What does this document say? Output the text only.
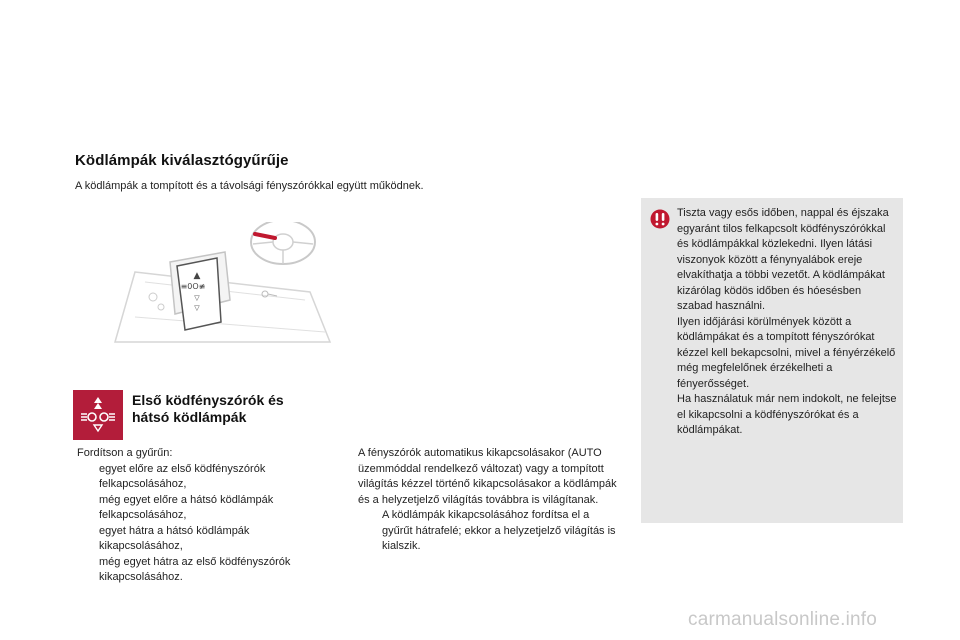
Ködlámpák kiválasztógyűrűje

A ködlámpák a tompított és a távolsági fényszórókkal együtt működnek.

▲
≡0O≢
▽
▽
Első ködfényszórók és
hátsó ködlámpák

Fordítson a gyűrűn:

egyet előre az első ködfényszórók felkapcsolásához,
még egyet előre a hátsó ködlámpák felkapcsolásához,
egyet hátra a hátsó ködlámpák kikapcsolásához,
még egyet hátra az első ködfényszórók kikapcsolásához.

A fényszórók automatikus kikapcsolásakor (AUTO üzemmóddal rendelkező változat) vagy a tompított világítás kézzel történő kikapcsolásakor a ködlámpák és a helyzetjelző világítás továbbra is világítanak.

A ködlámpák kikapcsolásához fordítsa el a gyűrűt hátrafelé; ekkor a helyzetjelző világítás is kialszik.

Tiszta vagy esős időben, nappal és éjszaka egyaránt tilos felkapcsolt ködfényszórókkal és ködlámpákkal közlekedni. Ilyen látási viszonyok között a fénynyalábok ereje elvakíthatja a többi vezetőt. A ködlámpákat kizárólag ködös időben és hóesésben szabad használni.

Ilyen időjárási körülmények között a ködlámpákat és a tompított fényszórókat kézzel kell bekapcsolni, mivel a fényérzékelő még megfelelőnek érzékelheti a fényerősséget.

Ha használatuk már nem indokolt, ne felejtse el kikapcsolni a ködfényszórókat és a ködlámpákat.

carmanualsonline.info
